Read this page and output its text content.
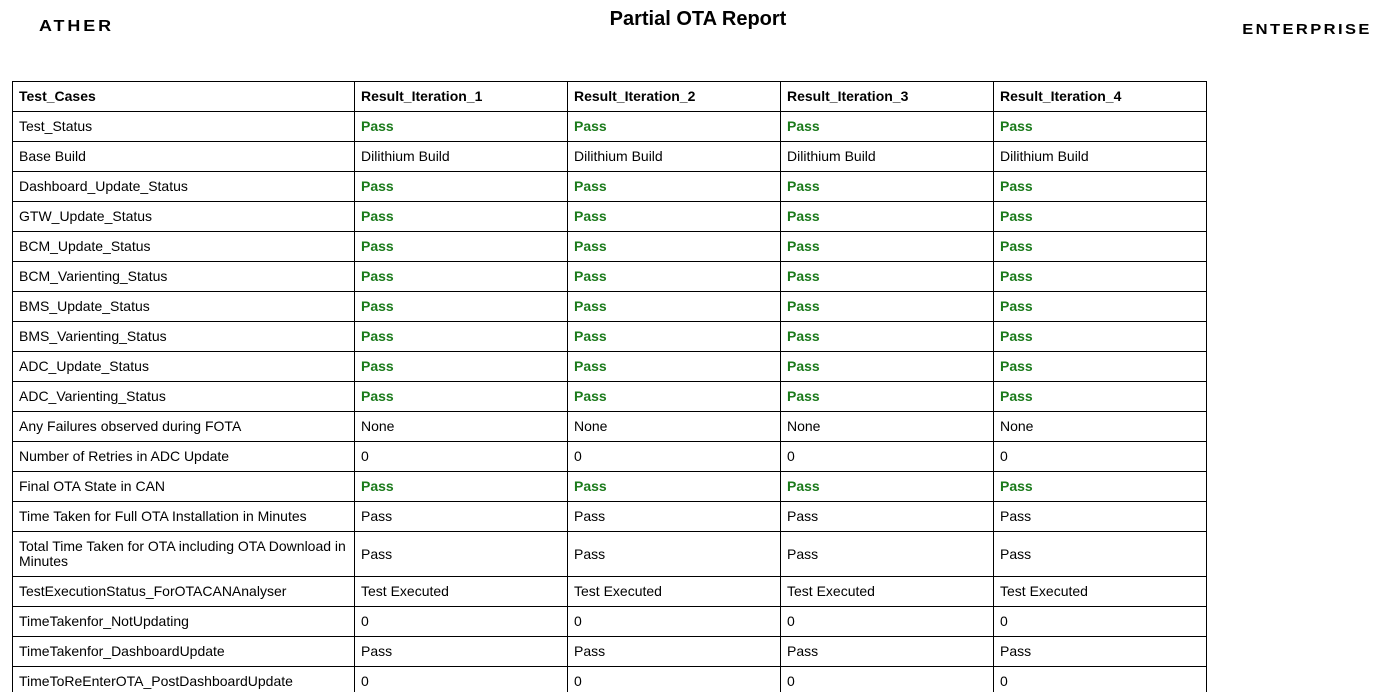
ATHER	Partial OTA Report	ENTERPRISE
Test_Cases	Result_Iteration_1	Result_Iteration_2	Result_Iteration_3	Result_Iteration_4
Test_Status	Pass	Pass	Pass	Pass
Base Build	Dilithium Build	Dilithium Build	Dilithium Build	Dilithium Build
Dashboard_Update_Status	Pass	Pass	Pass	Pass
GTW_Update_Status	Pass	Pass	Pass	Pass
BCM_Update_Status	Pass	Pass	Pass	Pass
BCM_Varienting_Status	Pass	Pass	Pass	Pass
BMS_Update_Status	Pass	Pass	Pass	Pass
BMS_Varienting_Status	Pass	Pass	Pass	Pass
ADC_Update_Status	Pass	Pass	Pass	Pass
ADC_Varienting_Status	Pass	Pass	Pass	Pass
Any Failures observed during FOTA	None	None	None	None
Number of Retries in ADC Update	0	0	0	0
Final OTA State in CAN	Pass	Pass	Pass	Pass
Time Taken for Full OTA Installation in Minutes	Pass	Pass	Pass	Pass
Total Time Taken for OTA including OTA Download in Minutes	Pass	Pass	Pass	Pass
TestExecutionStatus_ForOTACANAnalyser	Test Executed	Test Executed	Test Executed	Test Executed
TimeTakenfor_NotUpdating	0	0	0	0
TimeTakenfor_DashboardUpdate	Pass	Pass	Pass	Pass
TimeToReEnterOTA_PostDashboardUpdate	0	0	0	0
